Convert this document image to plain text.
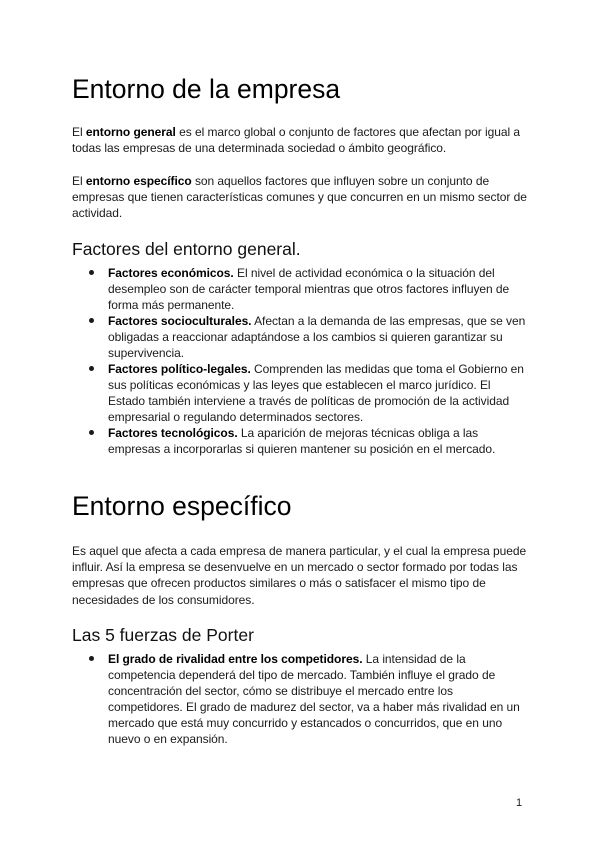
Entorno de la empresa

El entorno general es el marco global o conjunto de factores que afectan por igual a todas las empresas de una determinada sociedad o ámbito geográfico.

El entorno específico son aquellos factores que influyen sobre un conjunto de empresas que tienen características comunes y que concurren en un mismo sector de actividad.

Factores del entorno general.
Factores económicos. El nivel de actividad económica o la situación del desempleo son de carácter temporal mientras que otros factores influyen de forma más permanente.
Factores socioculturales. Afectan a la demanda de las empresas, que se ven obligadas a reaccionar adaptándose a los cambios si quieren garantizar su supervivencia.
Factores político-legales. Comprenden las medidas que toma el Gobierno en sus políticas económicas y las leyes que establecen el marco jurídico. El Estado también interviene a través de políticas de promoción de la actividad empresarial o regulando determinados sectores.
Factores tecnológicos. La aparición de mejoras técnicas obliga a las empresas a incorporarlas si quieren mantener su posición en el mercado.
Entorno específico

Es aquel que afecta a cada empresa de manera particular, y el cual la empresa puede influir. Así la empresa se desenvuelve en un mercado o sector formado por todas las empresas que ofrecen productos similares o más o satisfacer el mismo tipo de necesidades de los consumidores.

Las 5 fuerzas de Porter
El grado de rivalidad entre los competidores. La intensidad de la competencia dependerá del tipo de mercado. También influye el grado de concentración del sector, cómo se distribuye el mercado entre los competidores. El grado de madurez del sector, va a haber más rivalidad en un mercado que está muy concurrido y estancados o concurridos, que en uno nuevo o en expansión.
1
